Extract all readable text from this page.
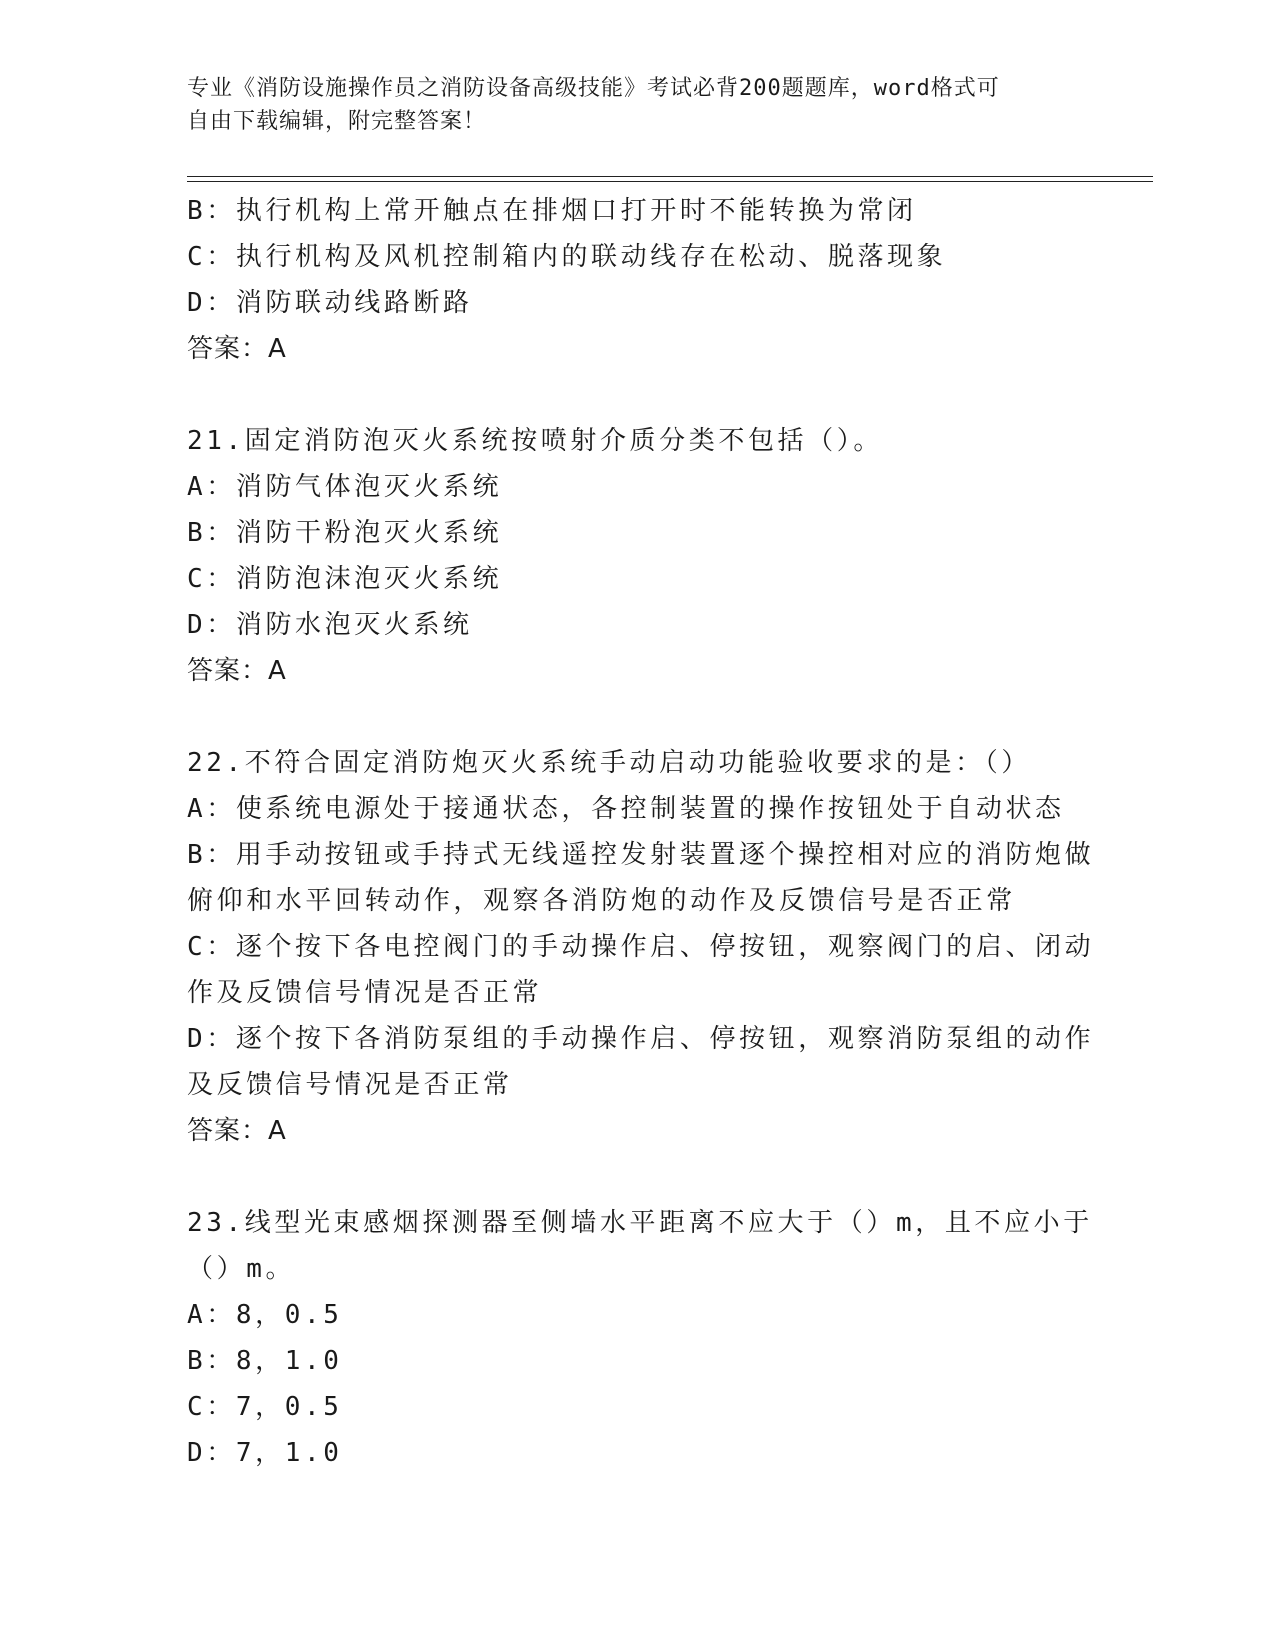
专业《消防设施操作员之消防设备高级技能》考试必背200题题库，word格式可
自由下载编辑，附完整答案！
B：执行机构上常开触点在排烟口打开时不能转换为常闭
C：执行机构及风机控制箱内的联动线存在松动、脱落现象
D：消防联动线路断路
答案：A
21.固定消防泡灭火系统按喷射介质分类不包括（）。
A：消防气体泡灭火系统
B：消防干粉泡灭火系统
C：消防泡沫泡灭火系统
D：消防水泡灭火系统
答案：A
22.不符合固定消防炮灭火系统手动启动功能验收要求的是：（）
A：使系统电源处于接通状态，各控制装置的操作按钮处于自动状态
B：用手动按钮或手持式无线遥控发射装置逐个操控相对应的消防炮做
俯仰和水平回转动作，观察各消防炮的动作及反馈信号是否正常
C：逐个按下各电控阀门的手动操作启、停按钮，观察阀门的启、闭动
作及反馈信号情况是否正常
D：逐个按下各消防泵组的手动操作启、停按钮，观察消防泵组的动作
及反馈信号情况是否正常
答案：A
23.线型光束感烟探测器至侧墙水平距离不应大于（）m，且不应小于
（）m。
A：8，0.5
B：8，1.0
C：7，0.5
D：7，1.0
